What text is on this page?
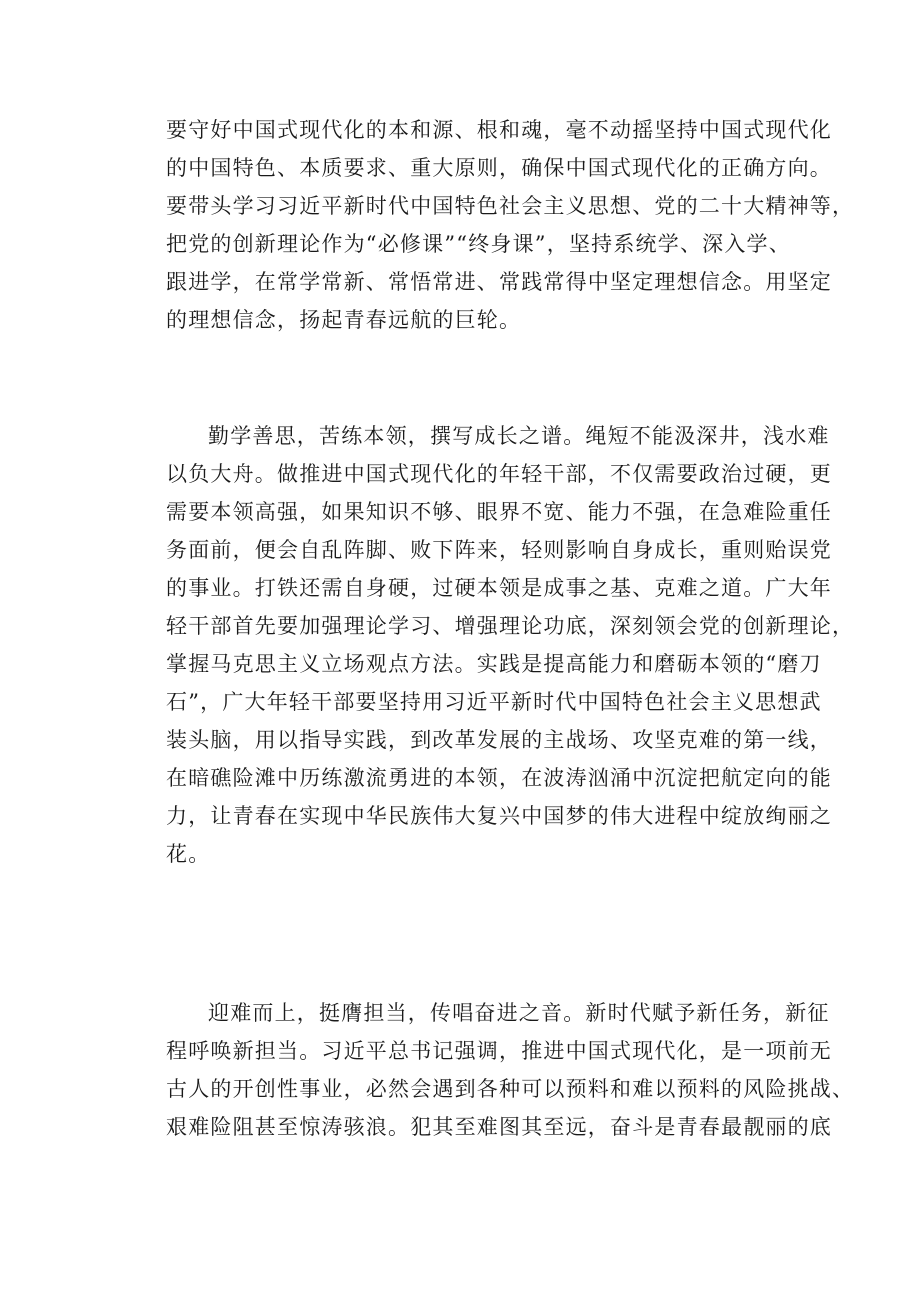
要守好中国式现代化的本和源、根和魂，毫不动摇坚持中国式现代化
的中国特色、本质要求、重大原则，确保中国式现代化的正确方向。
要带头学习习近平新时代中国特色社会主义思想、党的二十大精神等，
把党的创新理论作为“必修课”“终身课”，坚持系统学、深入学、
跟进学，在常学常新、常悟常进、常践常得中坚定理想信念。用坚定
的理想信念，扬起青春远航的巨轮。
勤学善思，苦练本领，撰写成长之谱。绳短不能汲深井，浅水难
以负大舟。做推进中国式现代化的年轻干部，不仅需要政治过硬，更
需要本领高强，如果知识不够、眼界不宽、能力不强，在急难险重任
务面前，便会自乱阵脚、败下阵来，轻则影响自身成长，重则贻误党
的事业。打铁还需自身硬，过硬本领是成事之基、克难之道。广大年
轻干部首先要加强理论学习、增强理论功底，深刻领会党的创新理论，
掌握马克思主义立场观点方法。实践是提高能力和磨砺本领的“磨刀
石”，广大年轻干部要坚持用习近平新时代中国特色社会主义思想武
装头脑，用以指导实践，到改革发展的主战场、攻坚克难的第一线，
在暗礁险滩中历练激流勇进的本领，在波涛汹涌中沉淀把航定向的能
力，让青春在实现中华民族伟大复兴中国梦的伟大进程中绽放绚丽之
花。
迎难而上，挺膺担当，传唱奋进之音。新时代赋予新任务，新征
程呼唤新担当。习近平总书记强调，推进中国式现代化，是一项前无
古人的开创性事业，必然会遇到各种可以预料和难以预料的风险挑战、
艰难险阻甚至惊涛骇浪。犯其至难图其至远，奋斗是青春最靓丽的底
